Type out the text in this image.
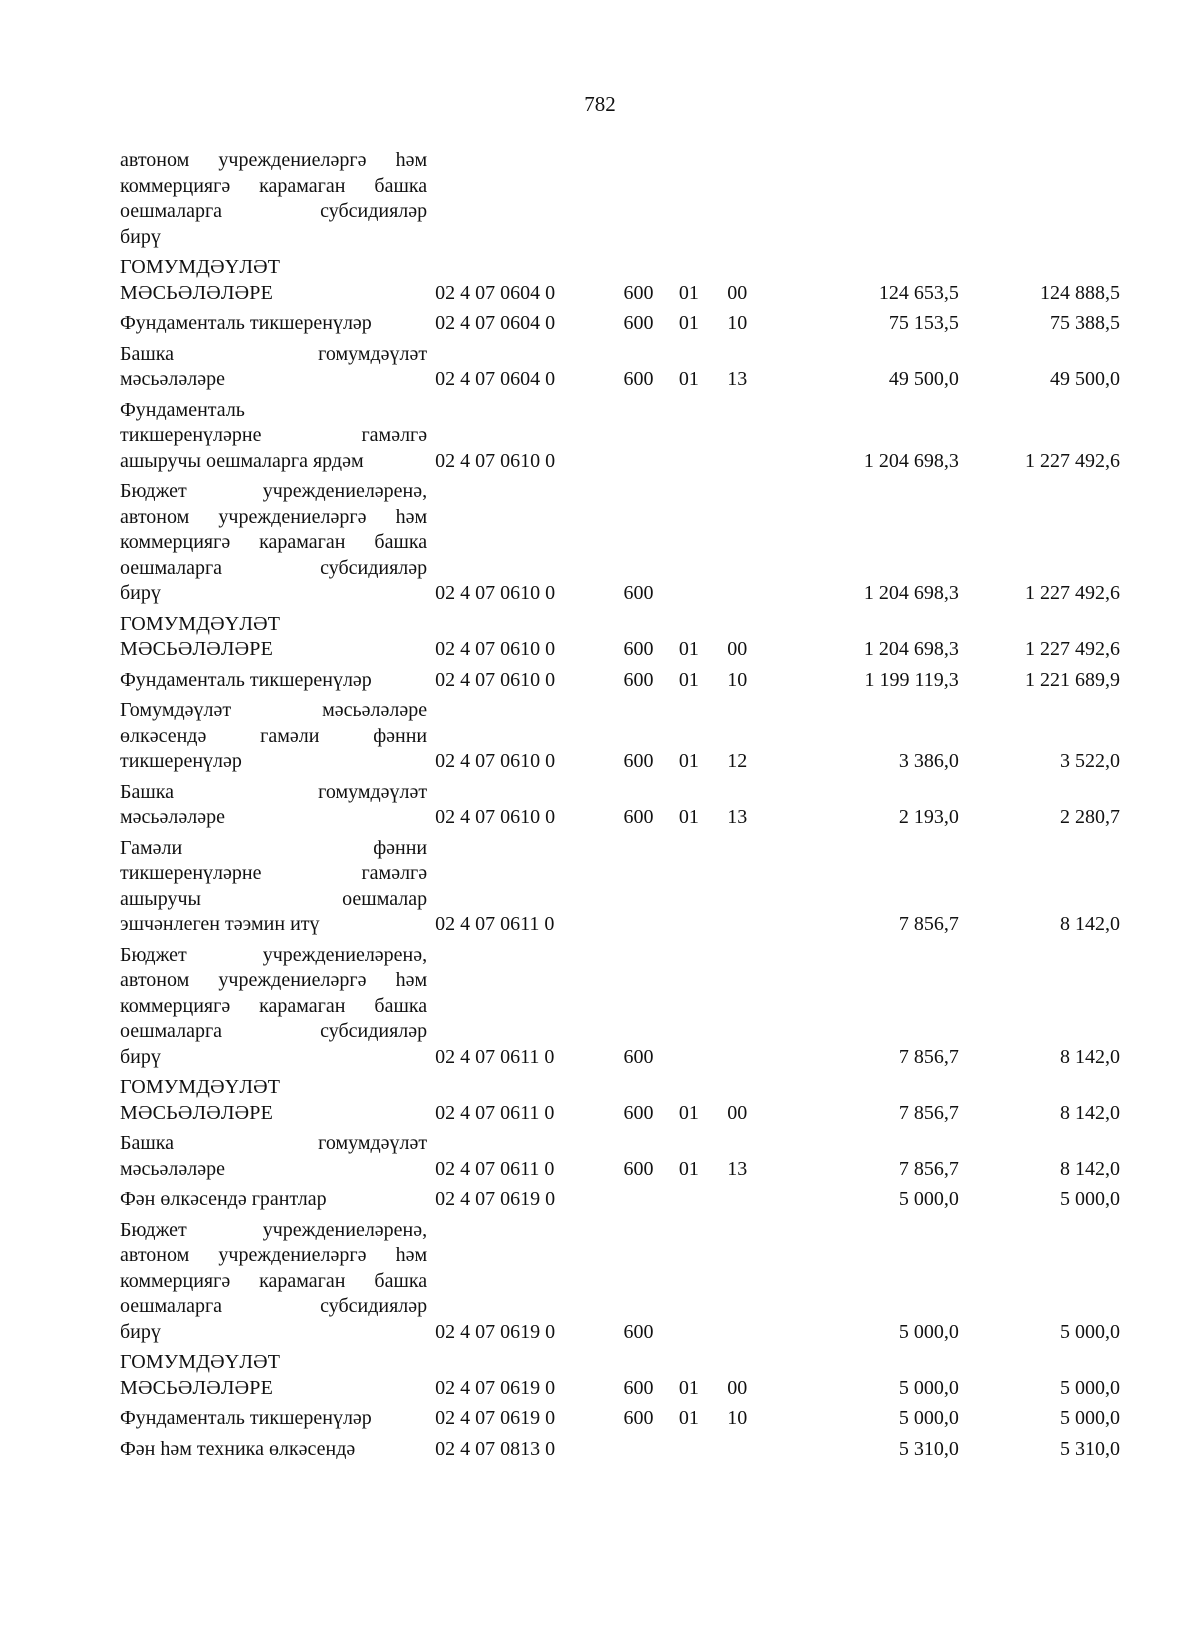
782
автоном учреждениеләргә һәм
коммерциягә карамаган башка
оешмаларга субсидияләр
бирү						

ГОМУМДӘҮЛӘТ
МӘСЬӘЛӘЛӘРЕ	02 4 07 0604 0	600	01	00	124 653,5	124 888,5

Фундаменталь тикшеренүләр	02 4 07 0604 0	600	01	10	75 153,5	75 388,5

Башка гомумдәүләт
мәсьәләләре	02 4 07 0604 0	600	01	13	49 500,0	49 500,0

Фундаменталь
тикшеренүләрне гамәлгә
ашыручы оешмаларга ярдәм	02 4 07 0610 0				1 204 698,3	1 227 492,6

Бюджет учреждениеләренә,
автоном учреждениеләргә һәм
коммерциягә карамаган башка
оешмаларга субсидияләр
бирү	02 4 07 0610 0	600			1 204 698,3	1 227 492,6

ГОМУМДӘҮЛӘТ
МӘСЬӘЛӘЛӘРЕ	02 4 07 0610 0	600	01	00	1 204 698,3	1 227 492,6

Фундаменталь тикшеренүләр	02 4 07 0610 0	600	01	10	1 199 119,3	1 221 689,9

Гомумдәүләт мәсьәләләре
өлкәсендә гамәли фәнни
тикшеренүләр	02 4 07 0610 0	600	01	12	3 386,0	3 522,0

Башка гомумдәүләт
мәсьәләләре	02 4 07 0610 0	600	01	13	2 193,0	2 280,7

Гамәли фәнни
тикшеренүләрне гамәлгә
ашыручы оешмалар
эшчәнлеген тәэмин итү	02 4 07 0611 0				7 856,7	8 142,0

Бюджет учреждениеләренә,
автоном учреждениеләргә һәм
коммерциягә карамаган башка
оешмаларга субсидияләр
бирү	02 4 07 0611 0	600			7 856,7	8 142,0

ГОМУМДӘҮЛӘТ
МӘСЬӘЛӘЛӘРЕ	02 4 07 0611 0	600	01	00	7 856,7	8 142,0

Башка гомумдәүләт
мәсьәләләре	02 4 07 0611 0	600	01	13	7 856,7	8 142,0

Фән өлкәсендә грантлар	02 4 07 0619 0				5 000,0	5 000,0

Бюджет учреждениеләренә,
автоном учреждениеләргә һәм
коммерциягә карамаган башка
оешмаларга субсидияләр
бирү	02 4 07 0619 0	600			5 000,0	5 000,0

ГОМУМДӘҮЛӘТ
МӘСЬӘЛӘЛӘРЕ	02 4 07 0619 0	600	01	00	5 000,0	5 000,0

Фундаменталь тикшеренүләр	02 4 07 0619 0	600	01	10	5 000,0	5 000,0

Фән һәм техника өлкәсендә	02 4 07 0813 0				5 310,0	5 310,0
